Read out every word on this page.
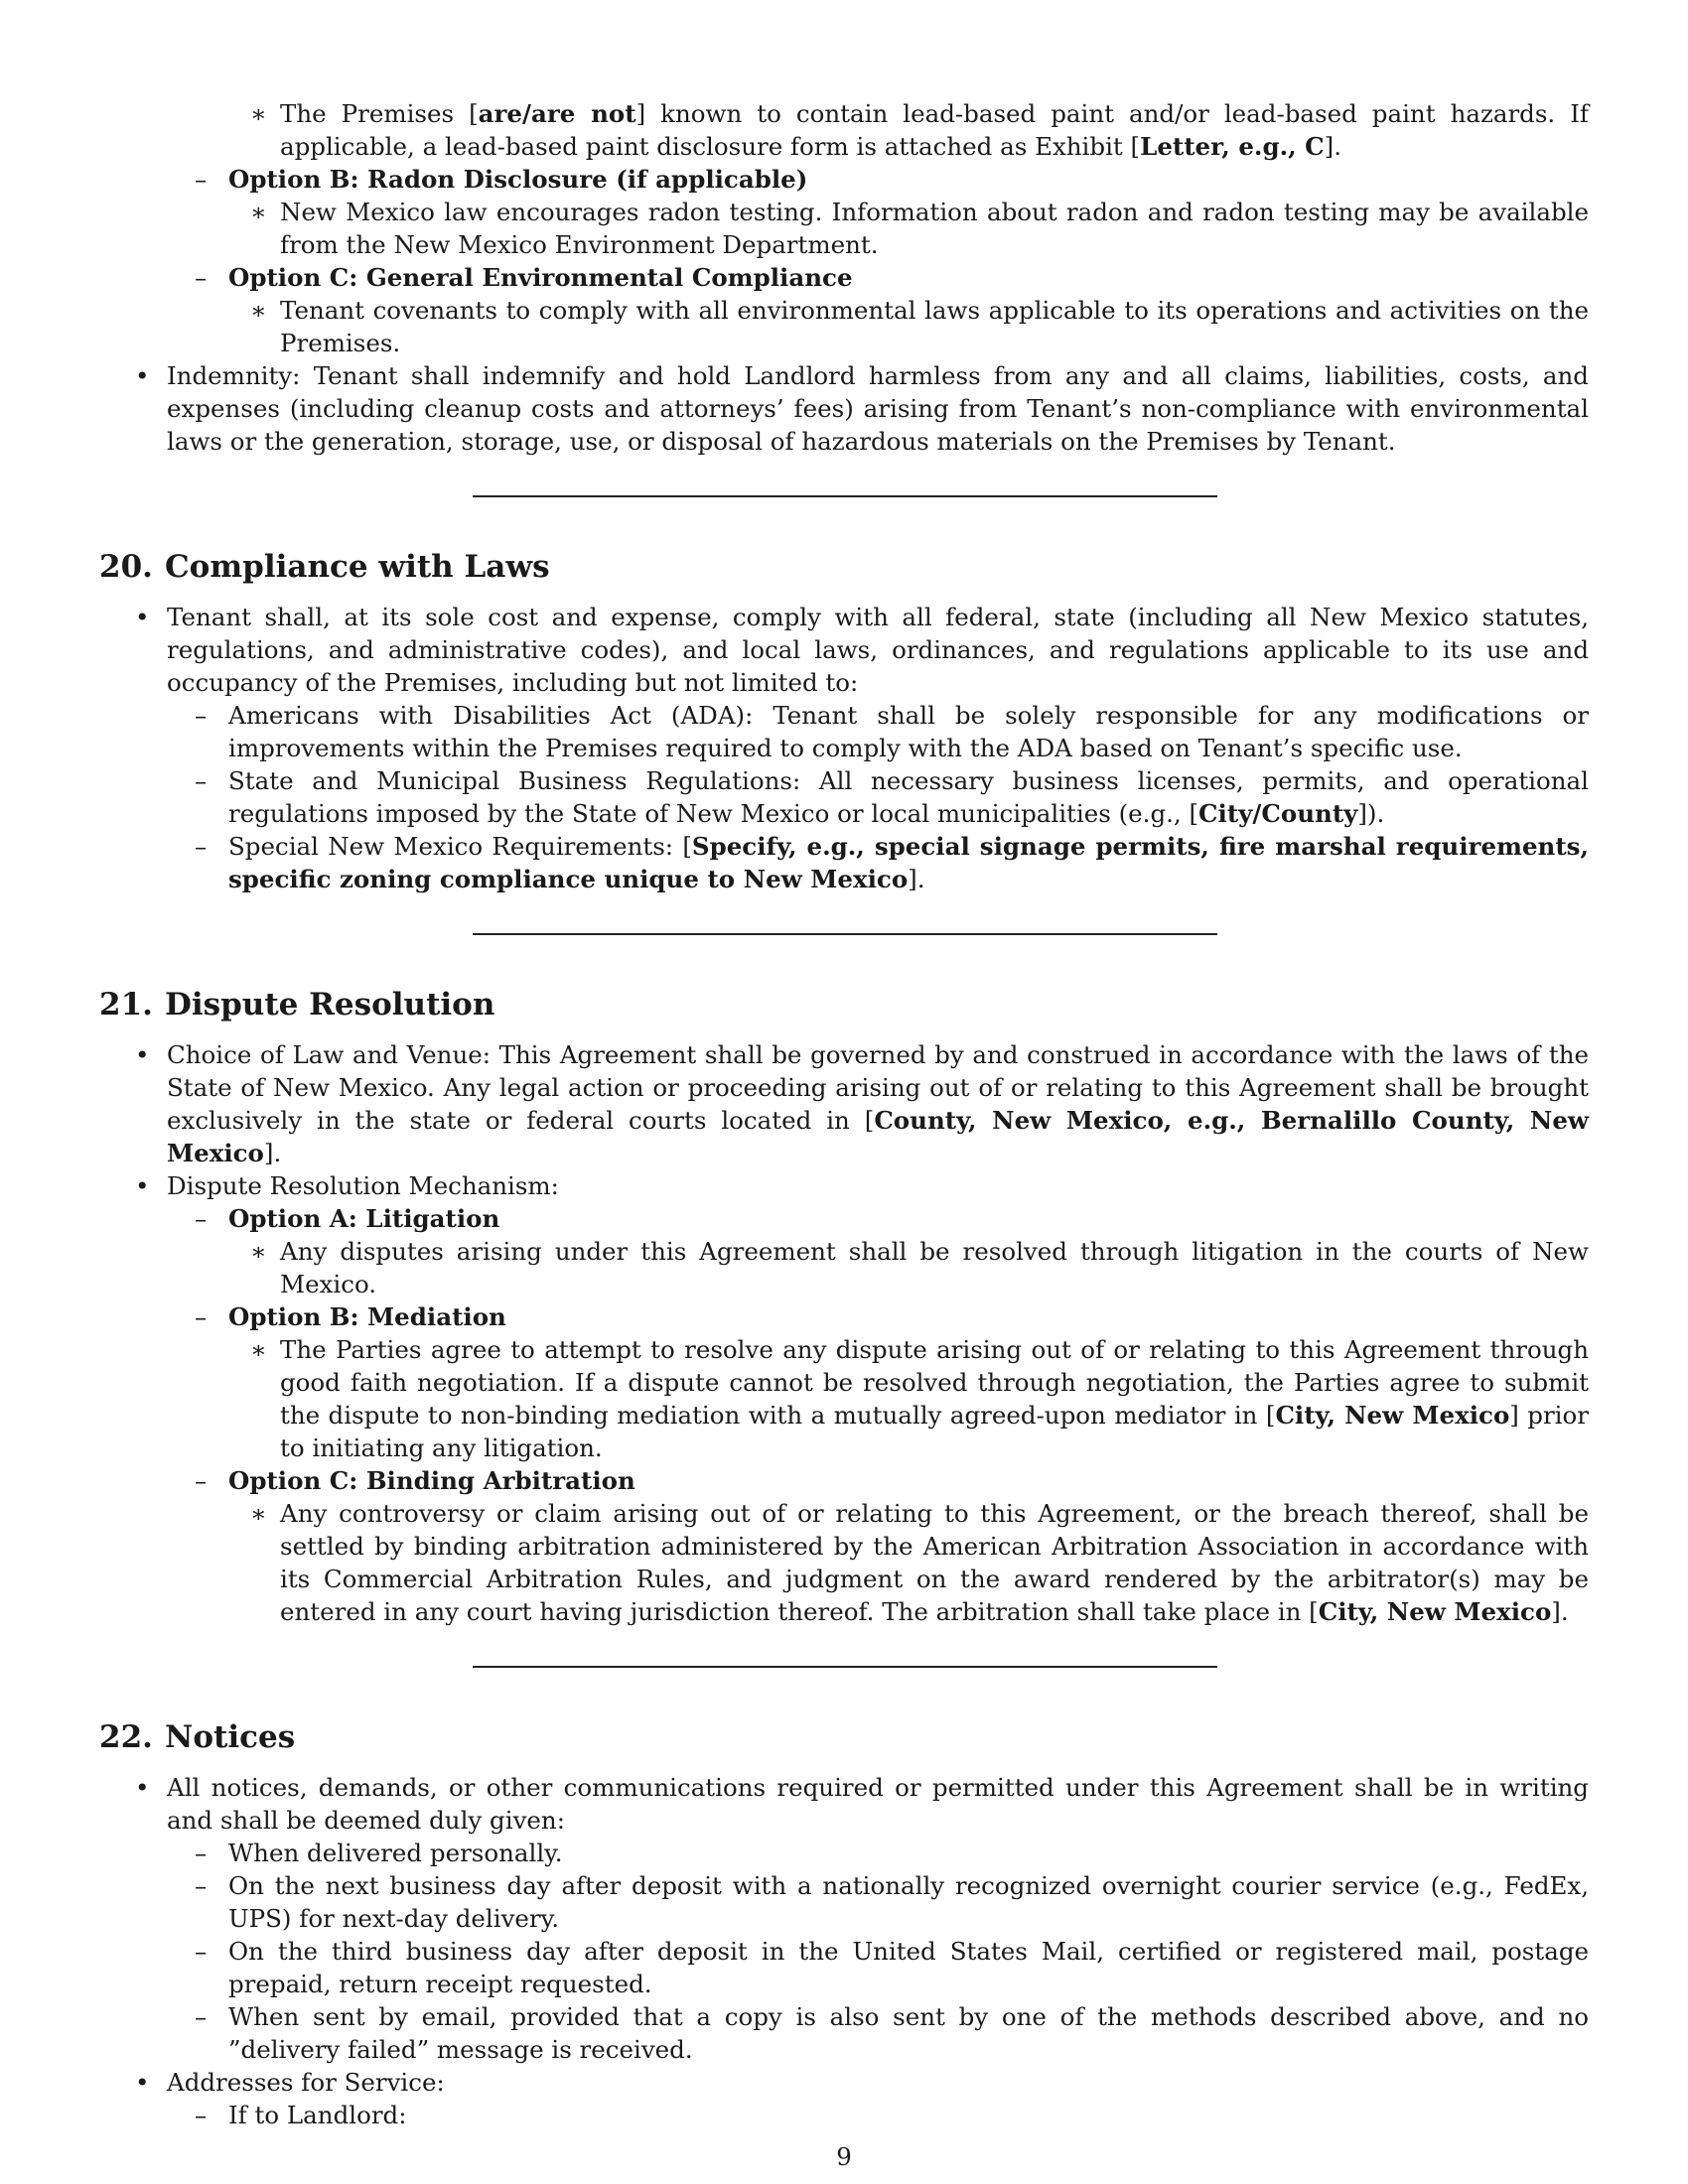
∗ The Premises [are/are not] known to contain lead-based paint and/or lead-based paint hazards. If applicable, a lead-based paint disclosure form is attached as Exhibit [Letter, e.g., C].
– Option B: Radon Disclosure (if applicable)
∗ New Mexico law encourages radon testing. Information about radon and radon testing may be available from the New Mexico Environment Department.
– Option C: General Environmental Compliance
∗ Tenant covenants to comply with all environmental laws applicable to its operations and activities on the Premises.
• Indemnity: Tenant shall indemnify and hold Landlord harmless from any and all claims, liabilities, costs, and expenses (including cleanup costs and attorneys’ fees) arising from Tenant’s non-compliance with environmental laws or the generation, storage, use, or disposal of hazardous materials on the Premises by Tenant.
20. Compliance with Laws
• Tenant shall, at its sole cost and expense, comply with all federal, state (including all New Mexico statutes, regulations, and administrative codes), and local laws, ordinances, and regulations applicable to its use and occupancy of the Premises, including but not limited to:
– Americans with Disabilities Act (ADA): Tenant shall be solely responsible for any modifications or improvements within the Premises required to comply with the ADA based on Tenant’s specific use.
– State and Municipal Business Regulations: All necessary business licenses, permits, and operational regulations imposed by the State of New Mexico or local municipalities (e.g., [City/County]).
– Special New Mexico Requirements: [Specify, e.g., special signage permits, fire marshal requirements, specific zoning compliance unique to New Mexico].
21. Dispute Resolution
• Choice of Law and Venue: This Agreement shall be governed by and construed in accordance with the laws of the State of New Mexico. Any legal action or proceeding arising out of or relating to this Agreement shall be brought exclusively in the state or federal courts located in [County, New Mexico, e.g., Bernalillo County, New Mexico].
• Dispute Resolution Mechanism:
– Option A: Litigation
∗ Any disputes arising under this Agreement shall be resolved through litigation in the courts of New Mexico.
– Option B: Mediation
∗ The Parties agree to attempt to resolve any dispute arising out of or relating to this Agreement through good faith negotiation. If a dispute cannot be resolved through negotiation, the Parties agree to submit the dispute to non-binding mediation with a mutually agreed-upon mediator in [City, New Mexico] prior to initiating any litigation.
– Option C: Binding Arbitration
∗ Any controversy or claim arising out of or relating to this Agreement, or the breach thereof, shall be settled by binding arbitration administered by the American Arbitration Association in accordance with its Commercial Arbitration Rules, and judgment on the award rendered by the arbitrator(s) may be entered in any court having jurisdiction thereof. The arbitration shall take place in [City, New Mexico].
22. Notices
• All notices, demands, or other communications required or permitted under this Agreement shall be in writing and shall be deemed duly given:
– When delivered personally.
– On the next business day after deposit with a nationally recognized overnight courier service (e.g., FedEx, UPS) for next-day delivery.
– On the third business day after deposit in the United States Mail, certified or registered mail, postage prepaid, return receipt requested.
– When sent by email, provided that a copy is also sent by one of the methods described above, and no ”delivery failed” message is received.
• Addresses for Service:
– If to Landlord:
9
